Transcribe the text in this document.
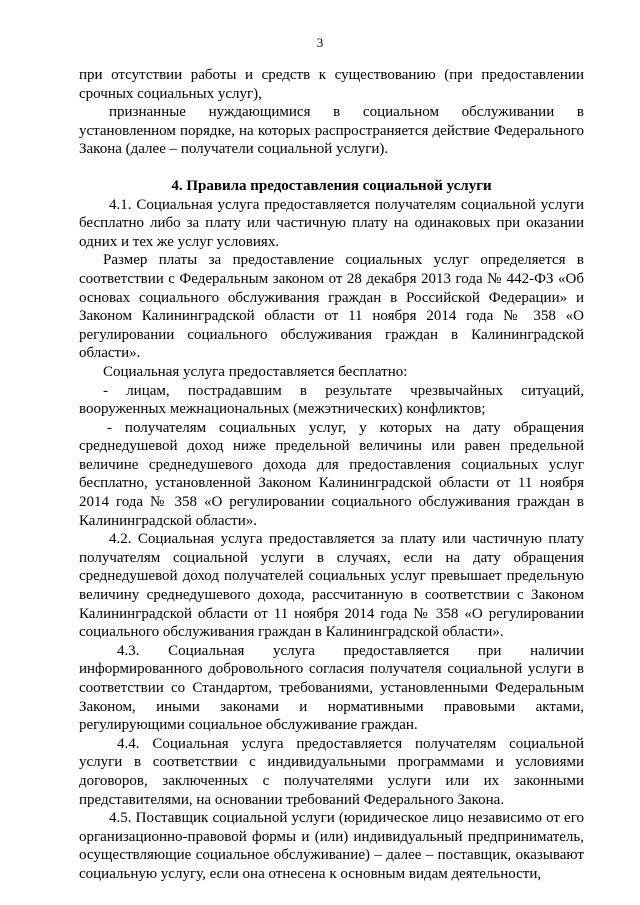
3

при отсутствии работы и средств к существованию (при предоставлении срочных социальных услуг),

признанные нуждающимися в социальном обслуживании в установленном порядке, на которых распространяется действие Федерального Закона (далее – получатели социальной услуги).

4. Правила предоставления социальной услуги

4.1. Социальная услуга предоставляется получателям социальной услуги бесплатно либо за плату или частичную плату на одинаковых при оказании одних и тех же услуг условиях.

Размер платы за предоставление социальных услуг определяется в соответствии с Федеральным законом от 28 декабря 2013 года № 442-ФЗ «Об основах социального обслуживания граждан в Российской Федерации» и Законом Калининградской области от 11 ноября 2014 года № 358 «О регулировании социального обслуживания граждан в Калининградской области».

Социальная услуга предоставляется бесплатно:

- лицам, пострадавшим в результате чрезвычайных ситуаций, вооруженных межнациональных (межэтнических) конфликтов;

- получателям социальных услуг, у которых на дату обращения среднедушевой доход ниже предельной величины или равен предельной величине среднедушевого дохода для предоставления социальных услуг бесплатно, установленной Законом Калининградской области от 11 ноября 2014 года № 358 «О регулировании социального обслуживания граждан в Калининградской области».

4.2. Социальная услуга предоставляется за плату или частичную плату получателям социальной услуги в случаях, если на дату обращения среднедушевой доход получателей социальных услуг превышает предельную величину среднедушевого дохода, рассчитанную в соответствии с Законом Калининградской области от 11 ноября 2014 года № 358 «О регулировании социального обслуживания граждан в Калининградской области».

4.3. Социальная услуга предоставляется при наличии информированного добровольного согласия получателя социальной услуги в соответствии со Стандартом, требованиями, установленными Федеральным Законом, иными законами и нормативными правовыми актами, регулирующими социальное обслуживание граждан.

4.4. Социальная услуга предоставляется получателям социальной услуги в соответствии с индивидуальными программами и условиями договоров, заключенных с получателями услуги или их законными представителями, на основании требований Федерального Закона.

4.5. Поставщик социальной услуги (юридическое лицо независимо от его организационно-правовой формы и (или) индивидуальный предприниматель, осуществляющие социальное обслуживание) – далее – поставщик, оказывают социальную услугу, если она отнесена к основным видам деятельности,
